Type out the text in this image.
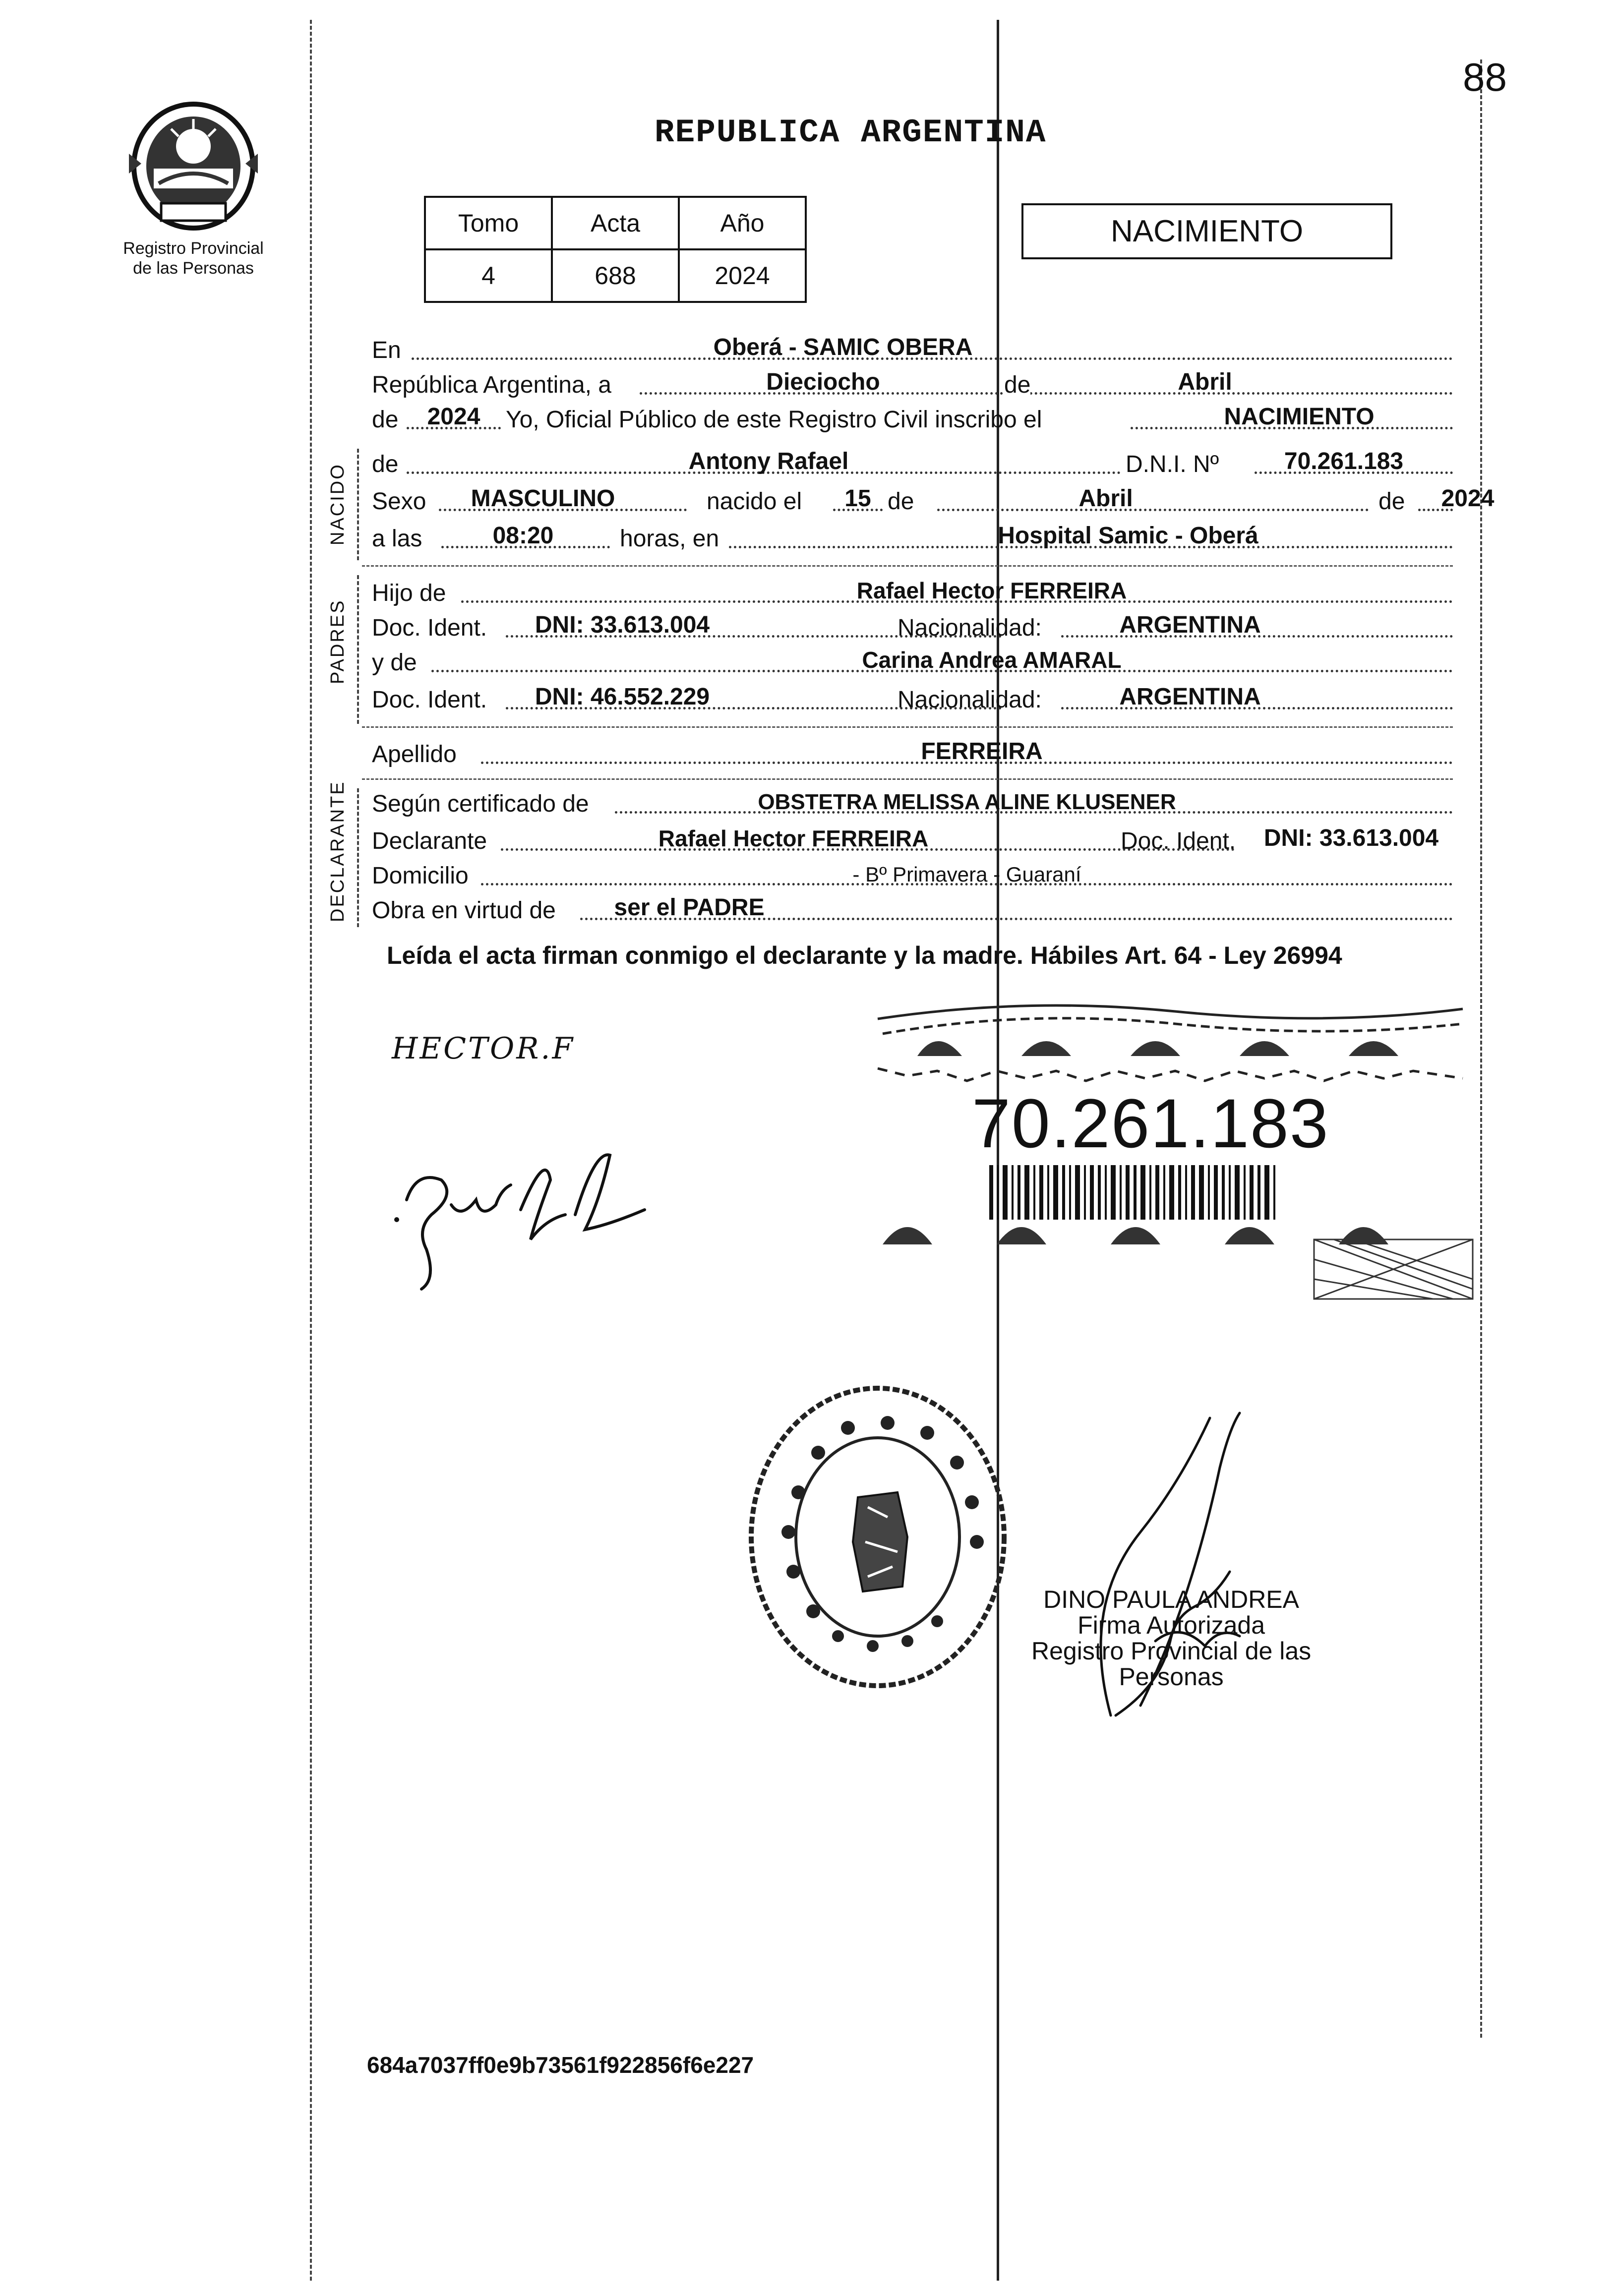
Registro Provincial
de las Personas
88
REPUBLICA ARGENTINA
Tomo	Acta	Año
4	688	2024
NACIMIENTO
En	Oberá - SAMIC OBERA
República Argentina, a	Dieciocho	de	Abril
de	2024	Yo, Oficial Público de este Registro Civil inscribo el	NACIMIENTO
NACIDO de	Antony Rafael	D.N.I. Nº	70.261.183
Sexo	MASCULINO	nacido el	15 de	Abril	de	2024
a las	08:20	horas, en	Hospital Samic - Oberá
PADRES
Hijo de	Rafael Hector FERREIRA
Doc. Ident.	DNI: 33.613.004	Nacionalidad:	ARGENTINA
y de	Carina Andrea AMARAL
Doc. Ident.	DNI: 46.552.229	Nacionalidad:	ARGENTINA
Apellido	FERREIRA
DECLARANTE Según certificado de	OBSTETRA MELISSA ALINE KLUSENER
Declarante	Rafael Hector FERREIRA	Doc. Ident.	DNI: 33.613.004
Domicilio	- Bº Primavera - Guaraní
Obra en virtud de	ser el PADRE
Leída el acta firman conmigo el declarante y la madre. Hábiles Art. 64 - Ley 26994
HECTOR.F
70.261.183
DINO PAULA ANDREA
Firma Autorizada
Registro Provincial de las
Personas
684a7037ff0e9b73561f922856f6e227
